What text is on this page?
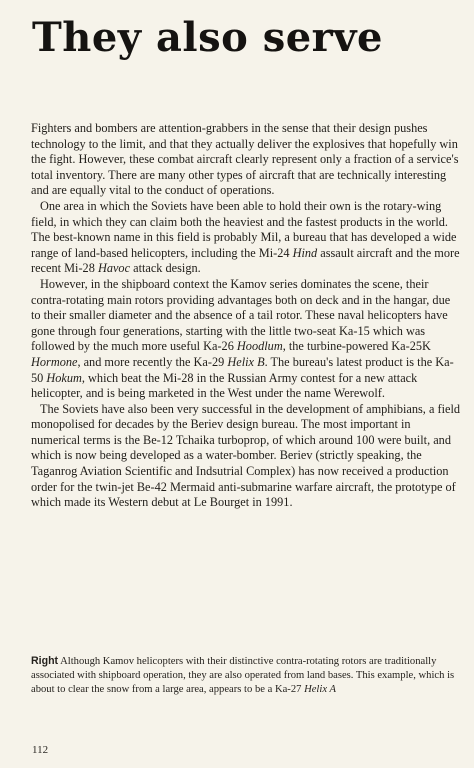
They also serve

Fighters and bombers are attention-grabbers in the sense that their design pushes technology to the limit, and that they actually deliver the explosives that hopefully win the fight. However, these combat aircraft clearly represent only a fraction of a service's total inventory. There are many other types of aircraft that are technically interesting and are equally vital to the conduct of operations.

One area in which the Soviets have been able to hold their own is the rotary-wing field, in which they can claim both the heaviest and the fastest products in the world. The best-known name in this field is probably Mil, a bureau that has developed a wide range of land-based helicopters, including the Mi-24 Hind assault aircraft and the more recent Mi-28 Havoc attack design.

However, in the shipboard context the Kamov series dominates the scene, their contra-rotating main rotors providing advantages both on deck and in the hangar, due to their smaller diameter and the absence of a tail rotor. These naval helicopters have gone through four generations, starting with the little two-seat Ka-15 which was followed by the much more useful Ka-26 Hoodlum, the turbine-powered Ka-25K Hormone, and more recently the Ka-29 Helix B. The bureau's latest product is the Ka-50 Hokum, which beat the Mi-28 in the Russian Army contest for a new attack helicopter, and is being marketed in the West under the name Werewolf.

The Soviets have also been very successful in the development of amphibians, a field monopolised for decades by the Beriev design bureau. The most important in numerical terms is the Be-12 Tchaika turboprop, of which around 100 were built, and which is now being developed as a water-bomber. Beriev (strictly speaking, the Taganrog Aviation Scientific and Indsutrial Complex) has now received a production order for the twin-jet Be-42 Mermaid anti-submarine warfare aircraft, the prototype of which made its Western debut at Le Bourget in 1991.

Right Although Kamov helicopters with their distinctive contra-rotating rotors are traditionally associated with shipboard operation, they are also operated from land bases. This example, which is about to clear the snow from a large area, appears to be a Ka-27 Helix A
112
